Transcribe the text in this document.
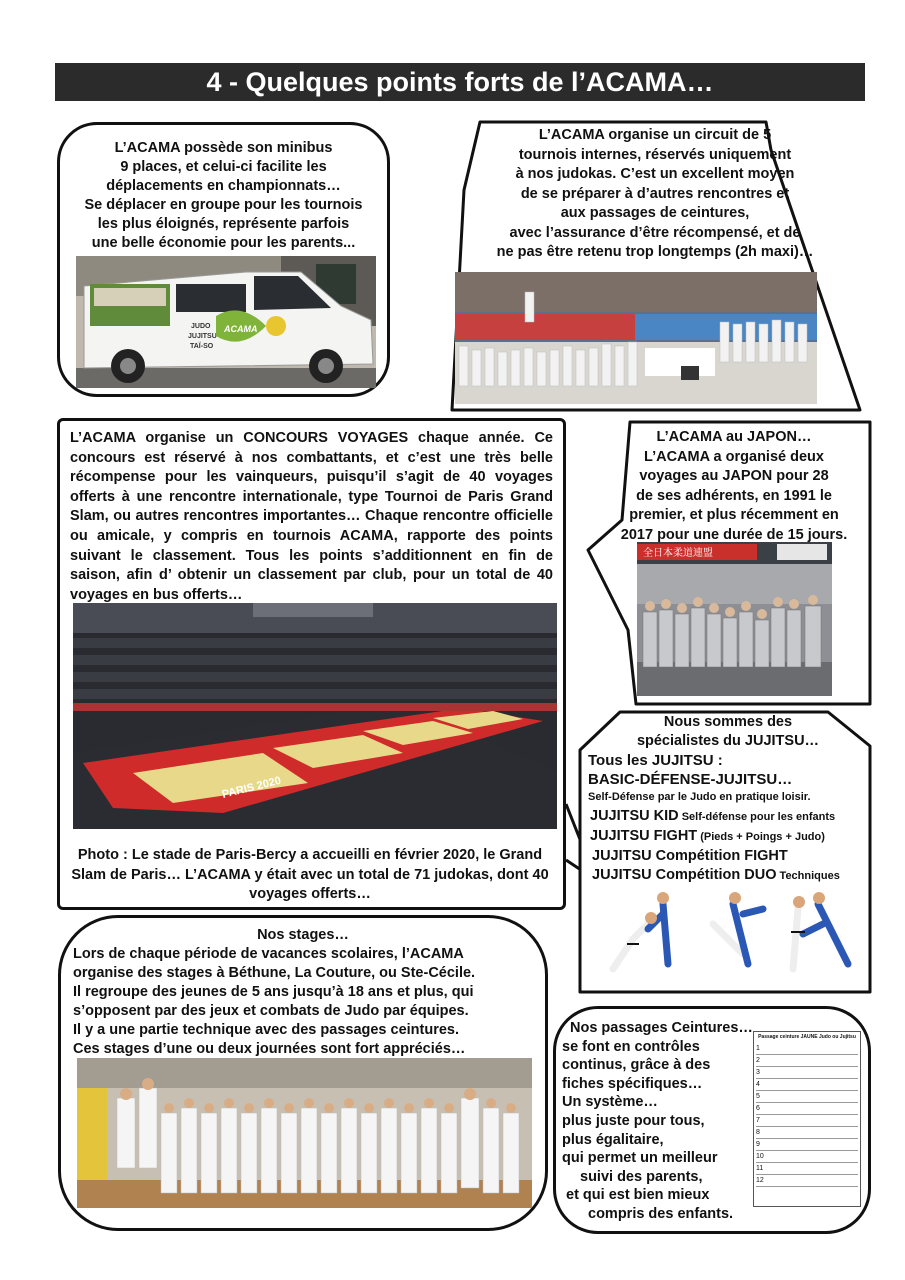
4 - Quelques points forts de l’ACAMA…

L’ACAMA possède son minibus

9 places, et celui-ci facilite les

déplacements en championnats…

Se déplacer en groupe pour les tournois

les plus éloignés, représente parfois

une belle économie pour les parents...

JUDO
JUJITSU
TAÏ-SO
ACAMA

L’ACAMA organise un circuit de 5

tournois internes, réservés uniquement

à nos judokas. C’est un excellent moyen

de se préparer à d’autres rencontres et

aux passages de ceintures,

avec l’assurance d’être récompensé, et de

ne pas être retenu trop longtemps (2h maxi)…

L’ACAMA organise un CONCOURS VOYAGES chaque année. Ce concours est réservé à nos combattants, et c’est une très belle récompense pour les vainqueurs, puisqu’il s’agit de 40 voyages offerts à une rencontre internationale, type Tournoi de Paris Grand Slam, ou autres rencontres importantes… Chaque rencontre officielle ou amicale, y compris en tournois ACAMA, rapporte des points suivant le classement. Tous les points s’additionnent en fin de saison, afin d’ obtenir un classement par club, pour un total de 40 voyages en bus offerts…

PARIS 2020

Photo : Le stade de Paris-Bercy a accueilli en février 2020, le Grand Slam de Paris… L’ACAMA y était avec un total de 71 judokas, dont 40 voyages offerts…

L’ACAMA au JAPON…

L’ACAMA a organisé deux

voyages au JAPON pour 28

de ses adhérents, en 1991 le

premier, et plus récemment en

2017 pour une durée de 15 jours.

全日本柔道連盟

Nous sommes des

spécialistes du JUJITSU…

Tous les JUJITSU :

BASIC-DÉFENSE-JUJITSU…

Self-Défense par le Judo en pratique loisir.

JUJITSU KID Self-défense pour les enfants

JUJITSU FIGHT (Pieds + Poings + Judo)

JUJITSU Compétition FIGHT

JUJITSU Compétition DUO Techniques

Nos stages…

Lors de chaque période de vacances scolaires, l’ACAMA

organise des stages à Béthune, La Couture, ou Ste-Cécile.

Il regroupe des jeunes de 5 ans jusqu’à 18 ans et plus, qui

s’opposent par des jeux et combats de Judo par équipes.

Il y a une partie technique avec des passages ceintures.

Ces stages d’une ou deux journées sont fort appréciés…

Nos passages Ceintures…

se font en contrôles

continus, grâce à des

fiches spécifiques…

Un système…

plus juste pour tous,

plus égalitaire,

qui permet un meilleur

suivi des parents,

et qui est bien mieux

compris des enfants.

Passage ceinture JAUNE Judo ou Jujitsu
1
2
3
4
5
6
7
8
9
10
11
12
